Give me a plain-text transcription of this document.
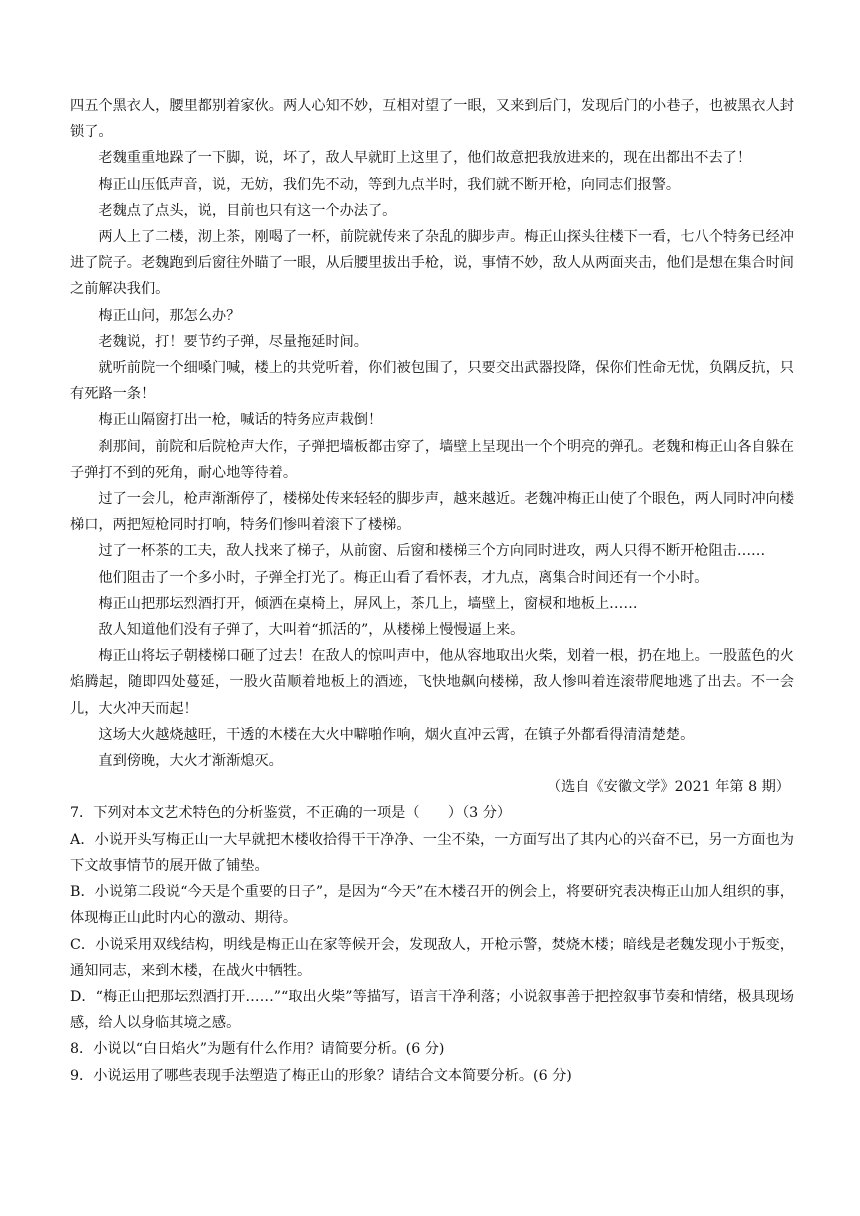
四五个黑衣人，腰里都别着家伙。两人心知不妙，互相对望了一眼，又来到后门，发现后门的小巷子，也被黑衣人封锁了。

老魏重重地跺了一下脚，说，坏了，敌人早就盯上这里了，他们故意把我放进来的，现在出都出不去了！

梅正山压低声音，说，无妨，我们先不动，等到九点半时，我们就不断开枪，向同志们报警。

老魏点了点头，说，目前也只有这一个办法了。

两人上了二楼，沏上茶，刚喝了一杯，前院就传来了杂乱的脚步声。梅正山探头往楼下一看，七八个特务已经冲进了院子。老魏跑到后窗往外瞄了一眼，从后腰里拔出手枪，说，事情不妙，敌人从两面夹击，他们是想在集合时间之前解决我们。

梅正山问，那怎么办？

老魏说，打！要节约子弹，尽量拖延时间。

就听前院一个细嗓门喊，楼上的共党听着，你们被包围了，只要交出武器投降，保你们性命无忧，负隅反抗，只有死路一条！

梅正山隔窗打出一枪，喊话的特务应声栽倒！

刹那间，前院和后院枪声大作，子弹把墙板都击穿了，墙壁上呈现出一个个明亮的弹孔。老魏和梅正山各自躲在子弹打不到的死角，耐心地等待着。

过了一会儿，枪声渐渐停了，楼梯处传来轻轻的脚步声，越来越近。老魏冲梅正山使了个眼色，两人同时冲向楼梯口，两把短枪同时打响，特务们惨叫着滚下了楼梯。

过了一杯茶的工夫，敌人找来了梯子，从前窗、后窗和楼梯三个方向同时进攻，两人只得不断开枪阻击……

他们阻击了一个多小时，子弹全打光了。梅正山看了看怀表，才九点，离集合时间还有一个小时。

梅正山把那坛烈酒打开，倾洒在桌椅上，屏风上，茶几上，墙壁上，窗棂和地板上……

敌人知道他们没有子弹了，大叫着“抓活的”，从楼梯上慢慢逼上来。

梅正山将坛子朝楼梯口砸了过去！在敌人的惊叫声中，他从容地取出火柴，划着一根，扔在地上。一股蓝色的火焰腾起，随即四处蔓延，一股火苗顺着地板上的酒迹，飞快地飙向楼梯，敌人惨叫着连滚带爬地逃了出去。不一会儿，大火冲天而起！

这场大火越烧越旺，干透的木楼在大火中噼啪作响，烟火直冲云霄，在镇子外都看得清清楚楚。

直到傍晚，大火才渐渐熄灭。

（选自《安徽文学》2021 年第 8 期）

7．下列对本文艺术特色的分析鉴赏，不正确的一项是（　　）（3 分）

A．小说开头写梅正山一大早就把木楼收拾得干干净净、一尘不染，一方面写出了其内心的兴奋不已，另一方面也为下文故事情节的展开做了铺垫。

B．小说第二段说“今天是个重要的日子”，是因为“今天”在木楼召开的例会上，将要研究表决梅正山加人组织的事，体现梅正山此时内心的激动、期待。

C．小说采用双线结构，明线是梅正山在家等候开会，发现敌人，开枪示警，焚烧木楼；暗线是老魏发现小于叛变，通知同志，来到木楼，在战火中牺牲。

D．“梅正山把那坛烈酒打开……”“取出火柴”等描写，语言干净利落；小说叙事善于把控叙事节奏和情绪，极具现场感，给人以身临其境之感。

8．小说以“白日焰火”为题有什么作用？请简要分析。(6 分)

9．小说运用了哪些表现手法塑造了梅正山的形象？请结合文本简要分析。(6 分)
